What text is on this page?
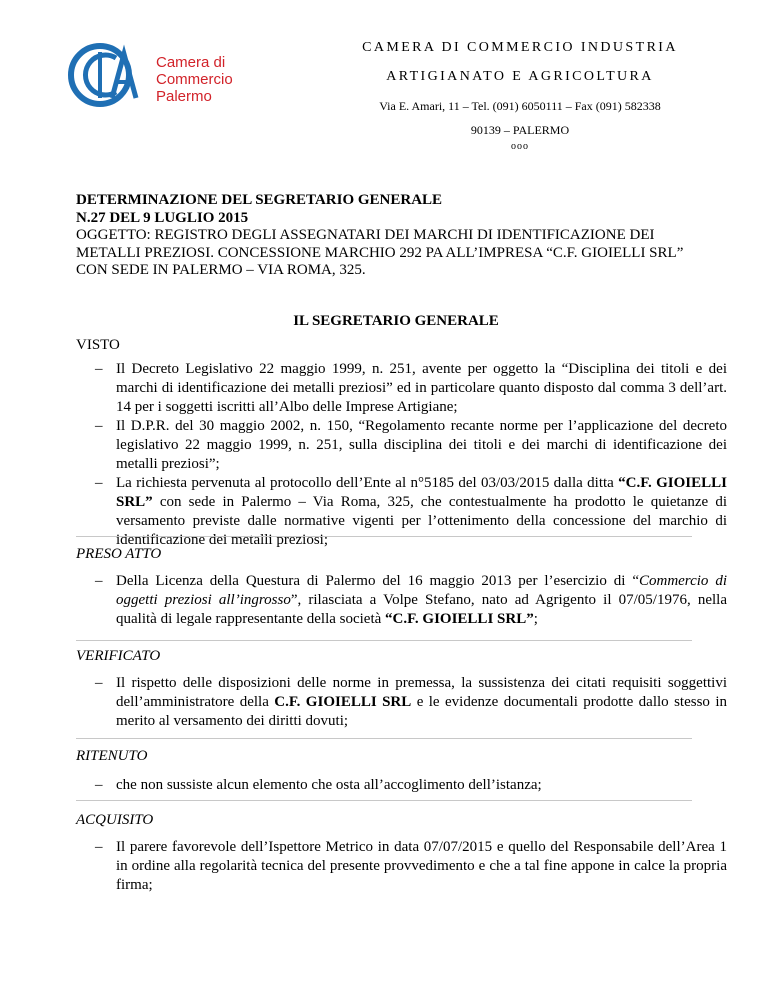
Camera di Commercio
Palermo
CAMERA DI COMMERCIO INDUSTRIA
ARTIGIANATO E AGRICOLTURA
Via E. Amari, 11 – Tel. (091) 6050111 – Fax (091) 582338
90139 – PALERMO
ooo
DETERMINAZIONE DEL SEGRETARIO GENERALE
N.27 DEL 9 LUGLIO 2015
OGGETTO: REGISTRO DEGLI ASSEGNATARI DEI MARCHI DI IDENTIFICAZIONE DEI METALLI PREZIOSI. CONCESSIONE MARCHIO 292 PA ALL’IMPRESA “C.F. GIOIELLI SRL” CON SEDE IN PALERMO – VIA ROMA, 325.
IL SEGRETARIO GENERALE
VISTO
– Il Decreto Legislativo 22 maggio 1999, n. 251, avente per oggetto la “Disciplina dei titoli e dei marchi di identificazione dei metalli preziosi” ed in particolare quanto disposto dal comma 3 dell’art. 14 per i soggetti iscritti all’Albo delle Imprese Artigiane;
– Il D.P.R. del 30 maggio 2002, n. 150, “Regolamento recante norme per l’applicazione del decreto legislativo 22 maggio 1999, n. 251, sulla disciplina dei titoli e dei marchi di identificazione dei metalli preziosi”;
– La richiesta pervenuta al protocollo dell’Ente al n°5185 del 03/03/2015 dalla ditta “C.F. GIOIELLI SRL” con sede in Palermo – Via Roma, 325, che contestualmente ha prodotto le quietanze di versamento previste dalle normative vigenti per l’ottenimento della concessione del marchio di identificazione dei metalli preziosi;
PRESO ATTO
– Della Licenza della Questura di Palermo del 16 maggio 2013 per l’esercizio di “Commercio di oggetti preziosi all’ingrosso”, rilasciata a Volpe Stefano, nato ad Agrigento il 07/05/1976, nella qualità di legale rappresentante della società “C.F. GIOIELLI SRL”;
VERIFICATO
– Il rispetto delle disposizioni delle norme in premessa, la sussistenza dei citati requisiti soggettivi dell’amministratore della C.F. GIOIELLI SRL e le evidenze documentali prodotte dallo stesso in merito al versamento dei diritti dovuti;
RITENUTO
– che non sussiste alcun elemento che osta all’accoglimento dell’istanza;
ACQUISITO
– Il parere favorevole dell’Ispettore Metrico in data 07/07/2015 e quello del Responsabile dell’Area 1 in ordine alla regolarità tecnica del presente provvedimento e che a tal fine appone in calce la propria firma;
